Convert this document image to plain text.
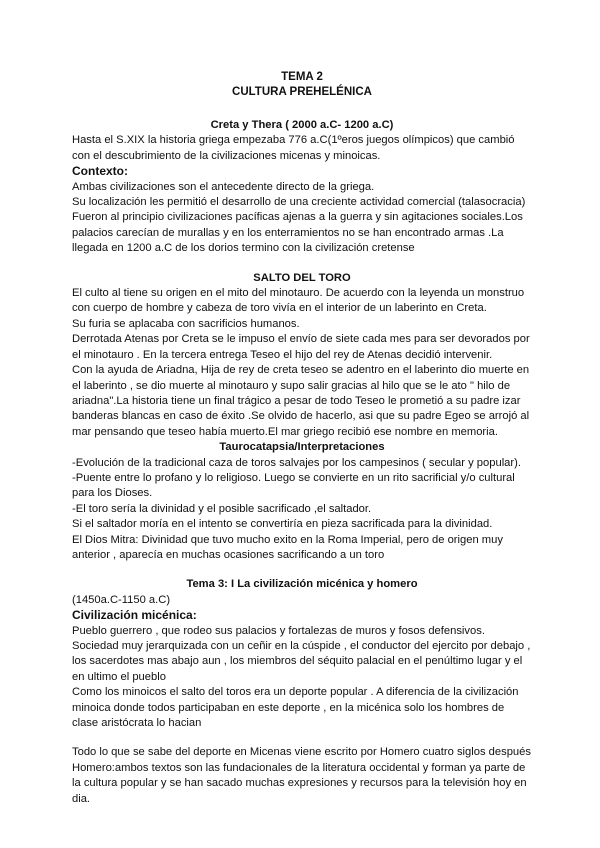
TEMA 2

CULTURA PREHELÉNICA

Creta y Thera ( 2000 a.C- 1200 a.C)

Hasta el S.XIX la historia griega empezaba 776 a.C(1ºeros juegos olímpicos) que cambió con el descubrimiento de la civilizaciones micenas y minoicas.

Contexto:

Ambas civilizaciones son el antecedente directo de la griega.

Su localización les permitió el desarrollo de una creciente actividad comercial (talasocracia)

Fueron al principio civilizaciones pacíficas ajenas a la guerra y sin agitaciones sociales.Los palacios carecían de murallas y en los enterramientos no se han encontrado armas .La llegada en 1200 a.C de los dorios termino con la civilización cretense

SALTO DEL TORO

El culto al tiene su origen en el mito del minotauro. De acuerdo con la leyenda un monstruo con cuerpo de hombre y cabeza de toro vivía en el interior de un laberinto en Creta.

Su furia se aplacaba con sacrificios humanos.

Derrotada Atenas por Creta se le impuso el envío de siete cada mes para ser devorados por el minotauro . En la tercera entrega Teseo el hijo del rey de Atenas decidió intervenir.

Con la ayuda de Ariadna, Hija de rey de creta teseo se adentro en el laberinto dio muerte en el laberinto , se dio muerte al minotauro y supo salir gracias al hilo que se le ato " hilo de ariadna".La historia tiene un final trágico a pesar de todo Teseo le prometió a su padre izar banderas blancas en caso de éxito .Se olvido de hacerlo, asi que su padre Egeo se arrojó al mar pensando que teseo había muerto.El mar griego recibió ese nombre en memoria.

Taurocatapsia/Interpretaciones

-Evolución de la tradicional caza de toros salvajes por los campesinos ( secular y popular).

-Puente entre lo profano y lo religioso. Luego se convierte en un rito sacrificial y/o cultural para los Dioses.

-El toro sería la divinidad y el posible sacrificado ,el saltador.

Si el saltador moría en el intento se convertiría en pieza sacrificada para la divinidad.

El Dios Mitra: Divinidad que tuvo mucho exito en la Roma Imperial, pero de origen muy anterior , aparecía en muchas ocasiones sacrificando a un toro

Tema 3: I La civilización micénica y homero

(1450a.C-1150 a.C)

Civilización micénica:

Pueblo guerrero , que rodeo sus palacios y fortalezas de muros y fosos defensivos.

Sociedad muy jerarquizada con un ceñir en la cúspide , el conductor del ejercito por debajo , los sacerdotes mas abajo aun , los miembros del séquito palacial en el penúltimo lugar y el en ultimo el pueblo

Como los minoicos el salto del toros era un deporte popular . A diferencia de la civilización minoica donde todos participaban en este deporte , en la micénica solo los hombres de clase aristócrata lo hacian

Todo lo que se sabe del deporte en Micenas viene escrito por Homero cuatro siglos después Homero:ambos textos son las fundacionales de la literatura occidental y forman ya parte de la cultura popular y se han sacado muchas expresiones y recursos para la televisión hoy en dia.
